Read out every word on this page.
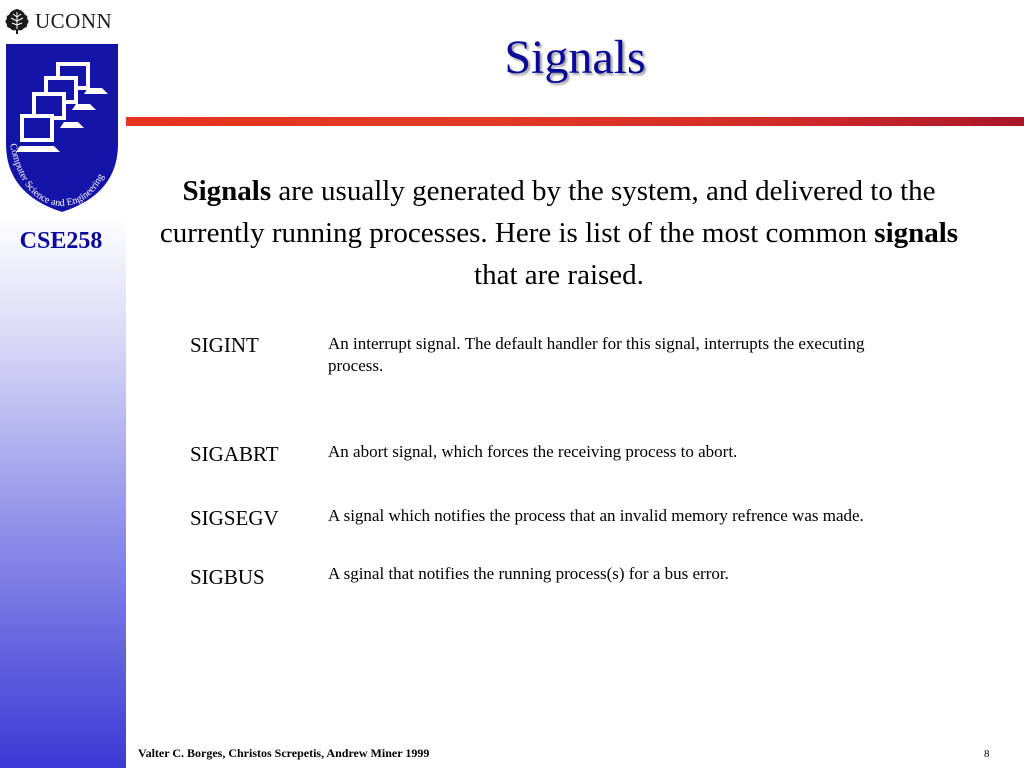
UCONN
Computer Science and Engineering
CSE258
Signals
Signals are usually generated by the system, and delivered to the currently running processes. Here is list of the most common signals that are raised.
SIGINT	An interrupt signal. The default handler for this signal, interrupts the executing process.
SIGABRT	An abort signal, which forces the receiving process to abort.
SIGSEGV	A signal which notifies the process that an invalid memory refrence was made.
SIGBUS	A sginal that notifies the running process(s) for a bus error.
Valter C. Borges, Christos Screpetis, Andrew Miner 1999	8
